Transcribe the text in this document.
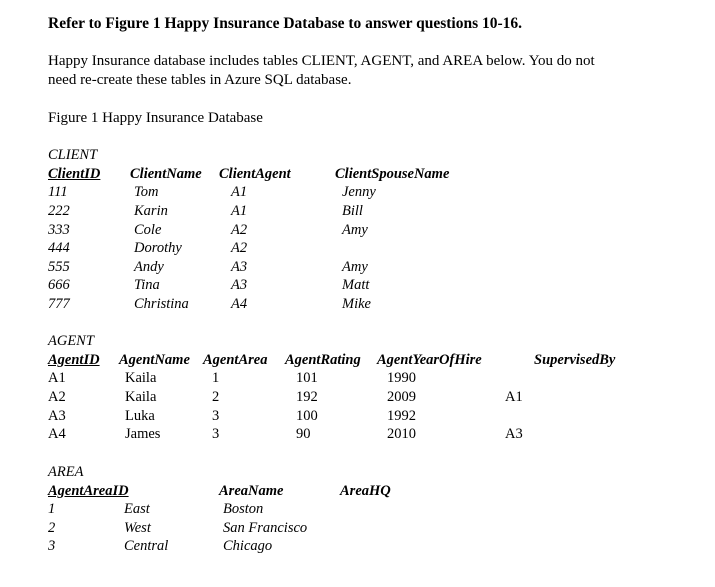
Refer to Figure 1 Happy Insurance Database to answer questions 10-16.
Happy Insurance database includes tables CLIENT, AGENT, and AREA below. You do not
need re-create these tables in Azure SQL database.
Figure 1 Happy Insurance Database
CLIENT
ClientID ClientName ClientAgent	ClientSpouseName
111	Tom	A1	Jenny
222	Karin	A1	Bill
333	Cole	A2	Amy
444	Dorothy	A2
555	Andy	A3	Amy
666	Tina	A3	Matt
777	Christina	A4	Mike
AGENT
AgentID AgentName AgentArea AgentRating AgentYearOfHire	SupervisedBy
A1	Kaila	1	101	1990
A2	Kaila	2	192	2009	A1
A3	Luka	3	100	1992
A4	James	3	90	2010	A3
AREA
AgentAreaID	AreaName	AreaHQ
1	East	Boston
2	West	San Francisco
3	Central	Chicago
